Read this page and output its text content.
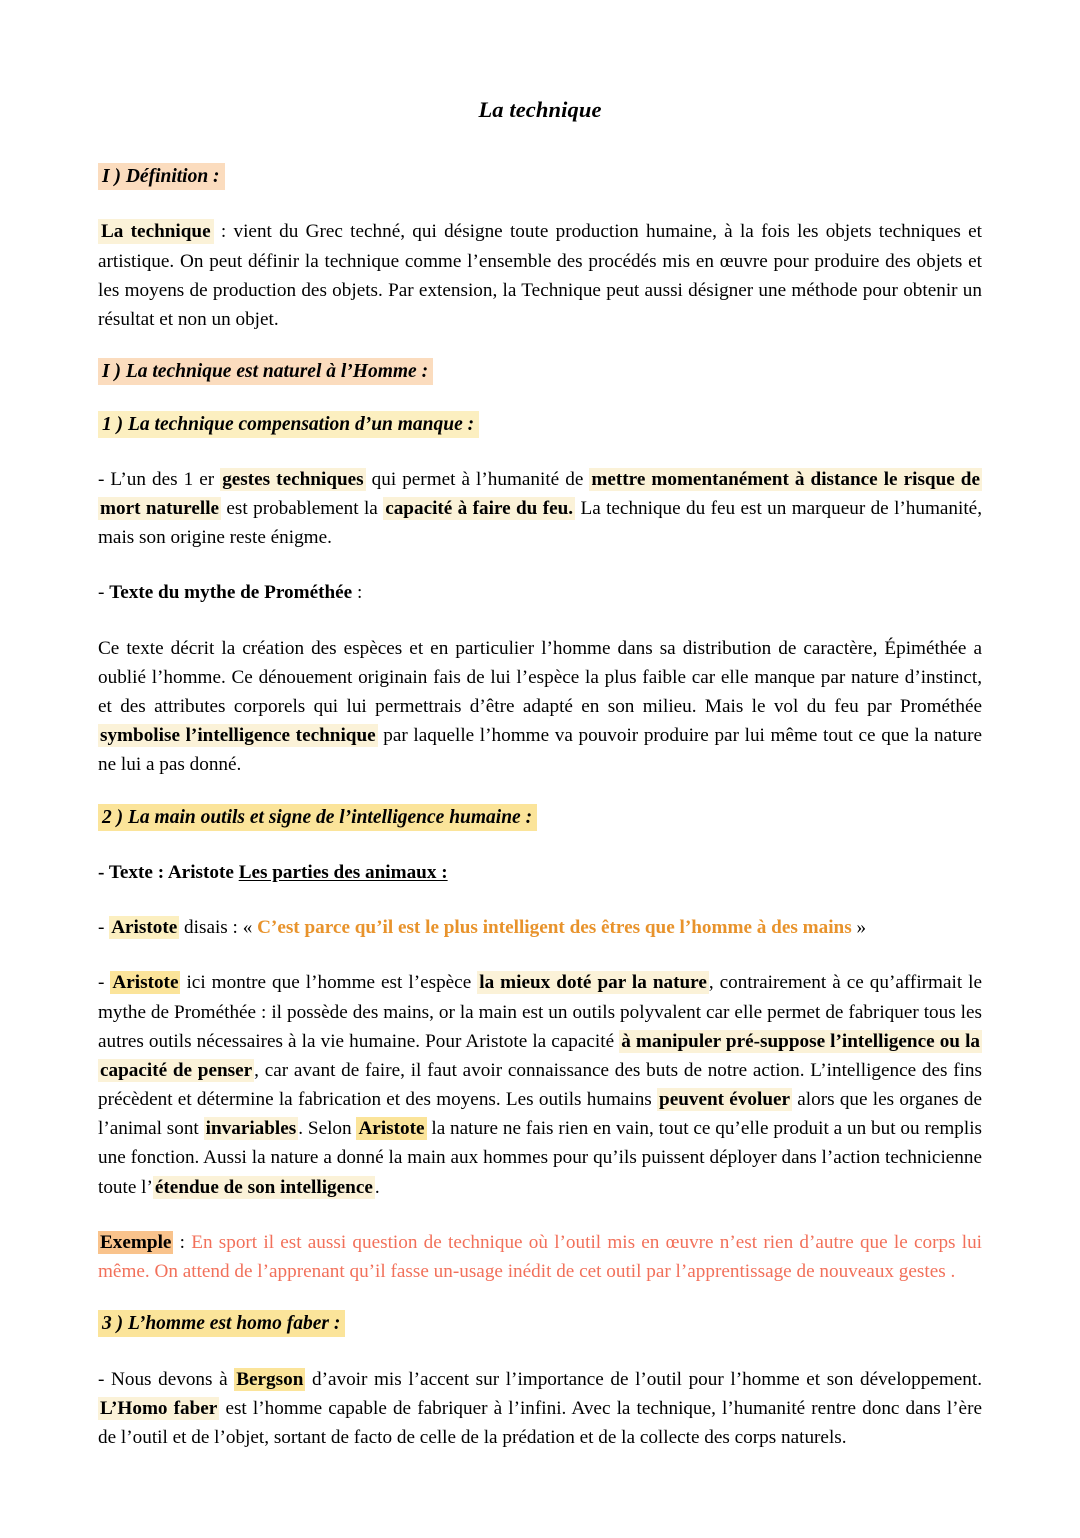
La technique
I ) Définition :

La technique : vient du Grec techné, qui désigne toute production humaine, à la fois les objets techniques et artistique. On peut définir la technique comme l’ensemble des procédés mis en œuvre pour produire des objets et les moyens de production des objets. Par extension, la Technique peut aussi désigner une méthode pour obtenir un résultat et non un objet.

I ) La technique est naturel à l’Homme :
1 ) La technique compensation d’un manque :

- L’un des 1 er gestes techniques qui permet à l’humanité de mettre momentanément à distance le risque de mort naturelle est probablement la capacité à faire du feu. La technique du feu est un marqueur de l’humanité, mais son origine reste énigme.

- Texte du mythe de Prométhée :

Ce texte décrit la création des espèces et en particulier l’homme dans sa distribution de caractère, Épiméthée a oublié l’homme. Ce dénouement originain fais de lui l’espèce la plus faible car elle manque par nature d’instinct, et des attributes corporels qui lui permettrais d’être adapté en son milieu. Mais le vol du feu par Prométhée symbolise l’intelligence technique par laquelle l’homme va pouvoir produire par lui même tout ce que la nature ne lui a pas donné.

2 ) La main outils et signe de l’intelligence humaine :

- Texte : Aristote Les parties des animaux :

- Aristote disais : « C’est parce qu’il est le plus intelligent des êtres que l’homme à des mains »

- Aristote ici montre que l’homme est l’espèce la mieux doté par la nature , contrairement à ce qu’affirmait le mythe de Prométhée : il possède des mains, or la main est un outils polyvalent car elle permet de fabriquer tous les autres outils nécessaires à la vie humaine. Pour Aristote la capacité à manipuler pré-suppose l’intelligence ou la capacité de penser , car avant de faire, il faut avoir connaissance des buts de notre action. L’intelligence des fins précèdent et détermine la fabrication et des moyens. Les outils humains peuvent évoluer alors que les organes de l’animal sont invariables . Selon Aristote la nature ne fais rien en vain, tout ce qu’elle produit a un but ou remplis une fonction. Aussi la nature a donné la main aux hommes pour qu’ils puissent déployer dans l’action technicienne toute l’ étendue de son intelligence .

Exemple : En sport il est aussi question de technique où l’outil mis en œuvre n’est rien d’autre que le corps lui même. On attend de l’apprenant qu’il fasse un-usage inédit de cet outil par l’apprentissage de nouveaux gestes .

3 ) L’homme est homo faber :

- Nous devons à Bergson d’avoir mis l’accent sur l’importance de l’outil pour l’homme et son développement. L’Homo faber est l’homme capable de fabriquer à l’infini. Avec la technique, l’humanité rentre donc dans l’ère de l’outil et de l’objet, sortant de facto de celle de la prédation et de la collecte des corps naturels.
